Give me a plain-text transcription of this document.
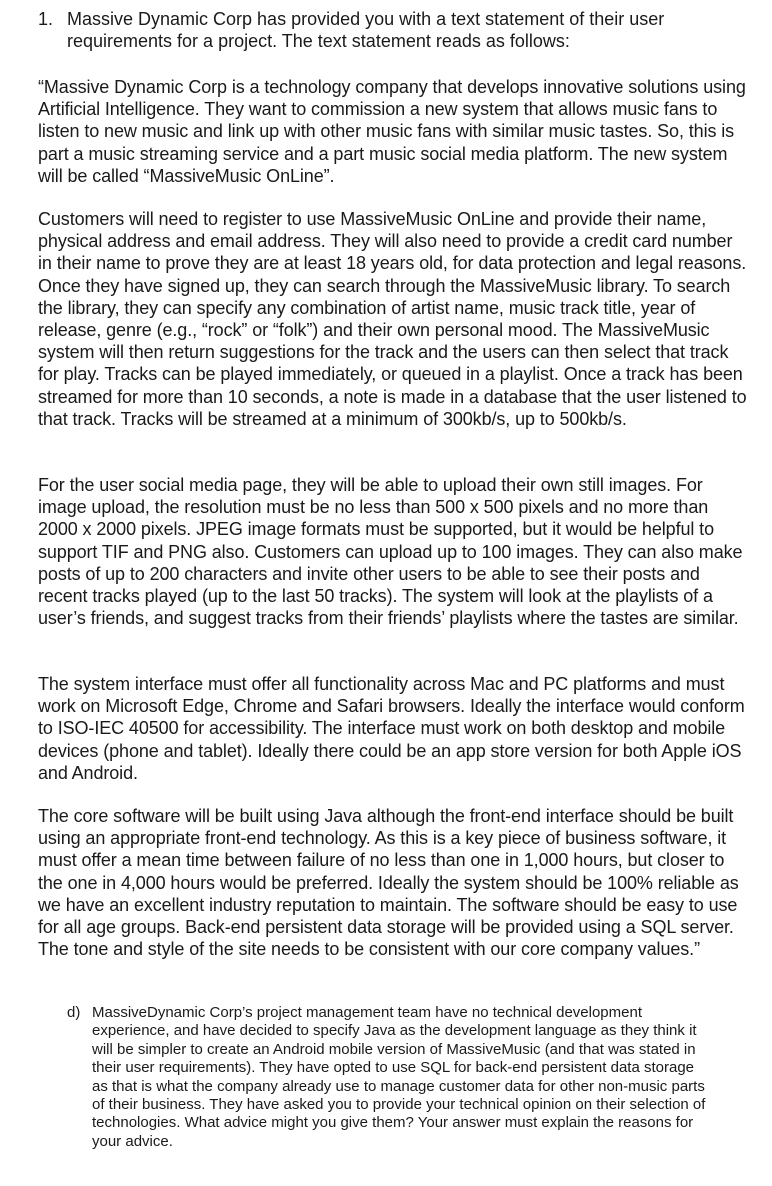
1. Massive Dynamic Corp has provided you with a text statement of their user requirements for a project. The text statement reads as follows:

“Massive Dynamic Corp is a technology company that develops innovative solutions using Artificial Intelligence. They want to commission a new system that allows music fans to listen to new music and link up with other music fans with similar music tastes. So, this is part a music streaming service and a part music social media platform. The new system will be called “MassiveMusic OnLine”.

Customers will need to register to use MassiveMusic OnLine and provide their name, physical address and email address. They will also need to provide a credit card number in their name to prove they are at least 18 years old, for data protection and legal reasons. Once they have signed up, they can search through the MassiveMusic library. To search the library, they can specify any combination of artist name, music track title, year of release, genre (e.g., “rock” or “folk”) and their own personal mood. The MassiveMusic system will then return suggestions for the track and the users can then select that track for play. Tracks can be played immediately, or queued in a playlist. Once a track has been streamed for more than 10 seconds, a note is made in a database that the user listened to that track. Tracks will be streamed at a minimum of 300kb/s, up to 500kb/s.

For the user social media page, they will be able to upload their own still images. For image upload, the resolution must be no less than 500 x 500 pixels and no more than 2000 x 2000 pixels. JPEG image formats must be supported, but it would be helpful to support TIF and PNG also. Customers can upload up to 100 images. They can also make posts of up to 200 characters and invite other users to be able to see their posts and recent tracks played (up to the last 50 tracks). The system will look at the playlists of a user’s friends, and suggest tracks from their friends’ playlists where the tastes are similar.

The system interface must offer all functionality across Mac and PC platforms and must work on Microsoft Edge, Chrome and Safari browsers. Ideally the interface would conform to ISO-IEC 40500 for accessibility. The interface must work on both desktop and mobile devices (phone and tablet). Ideally there could be an app store version for both Apple iOS and Android.

The core software will be built using Java although the front-end interface should be built using an appropriate front-end technology. As this is a key piece of business software, it must offer a mean time between failure of no less than one in 1,000 hours, but closer to the one in 4,000 hours would be preferred. Ideally the system should be 100% reliable as we have an excellent industry reputation to maintain. The software should be easy to use for all age groups. Back-end persistent data storage will be provided using a SQL server. The tone and style of the site needs to be consistent with our core company values.”

d) MassiveDynamic Corp’s project management team have no technical development experience, and have decided to specify Java as the development language as they think it will be simpler to create an Android mobile version of MassiveMusic (and that was stated in their user requirements). They have opted to use SQL for back-end persistent data storage as that is what the company already use to manage customer data for other non-music parts of their business. They have asked you to provide your technical opinion on their selection of technologies. What advice might you give them? Your answer must explain the reasons for your advice.
